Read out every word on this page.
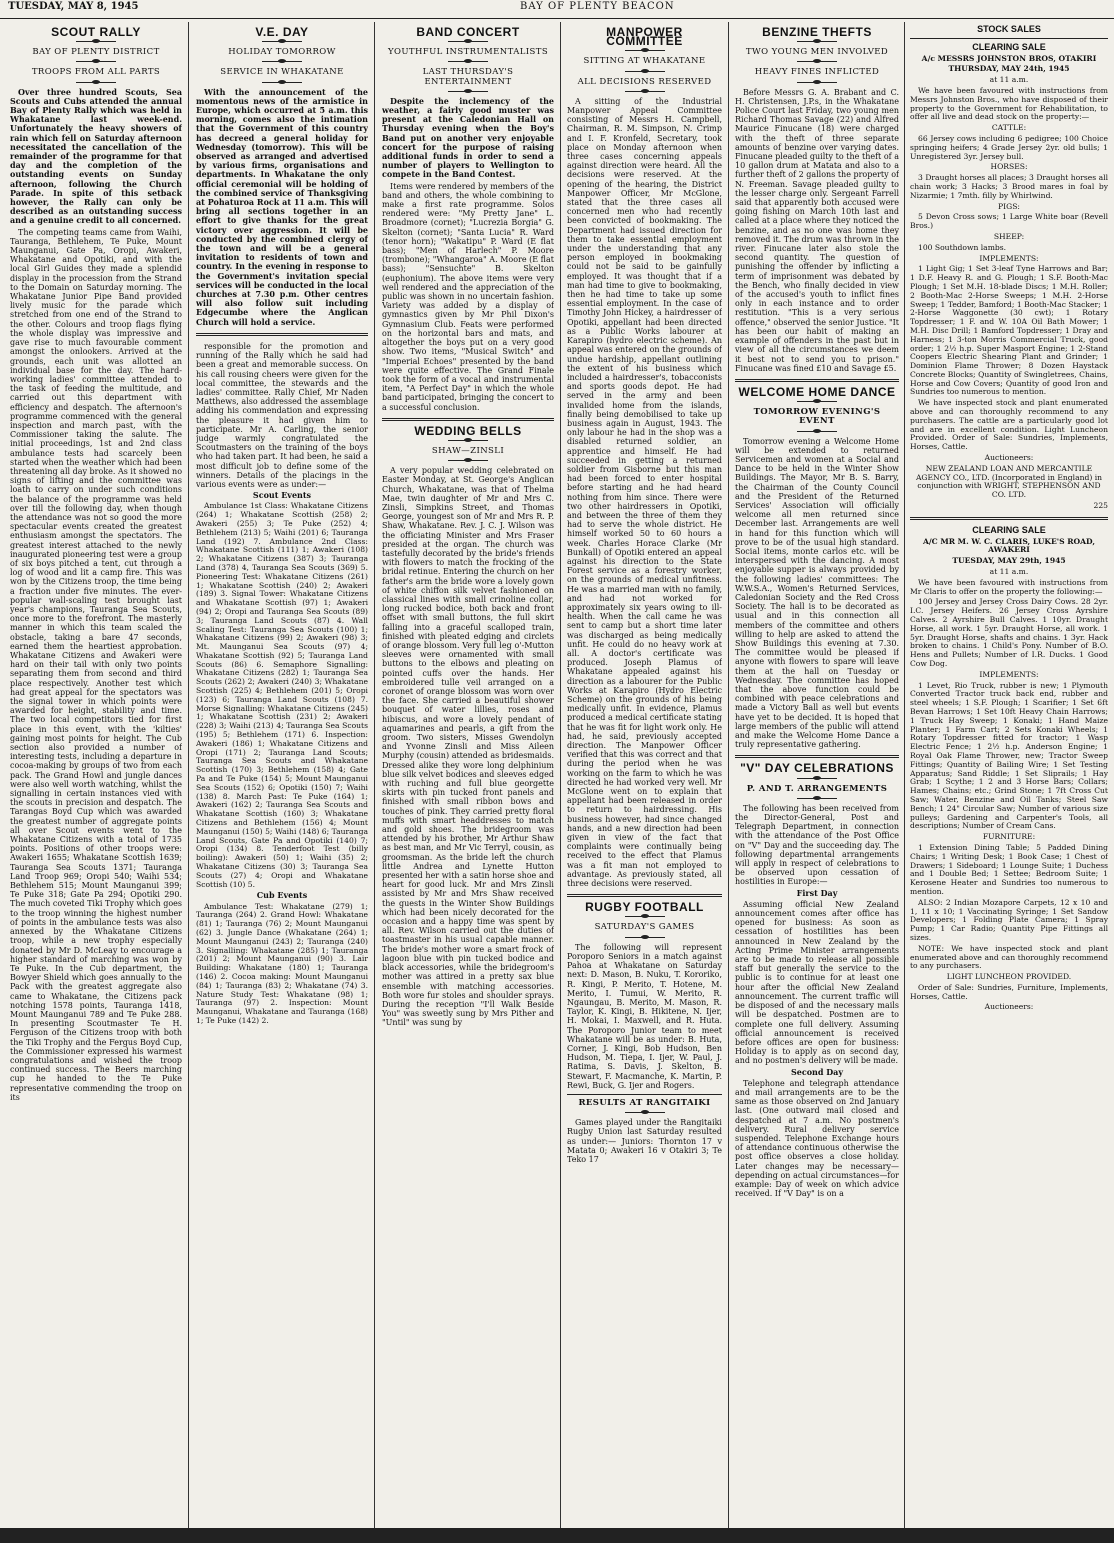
TUESDAY, MAY 8, 1945	BAY OF PLENTY BEACON
SCOUT RALLY
BAY OF PLENTY DISTRICT
TROOPS FROM ALL PARTS

Over three hundred Scouts, Sea Scouts and Cubs attended the annual Bay of Plenty Rally which was held in Whakatane last week-end. Unfortunately the heavy showers of rain which fell on Saturday afternoon necessitated the cancellation of the remainder of the programme for that day and the completion of the outstanding events on Sunday afternoon, following the Church Parade. In spite of this setback however, the Rally can only be described as an outstanding success and a genuine credit to all concerned.

The competing teams came from Waihi, Tauranga, Bethlehem, Te Puke, Mount Maunganui, Gate Pa, Oropi, Awakeri, Whakatane and Opotiki, and with the local Girl Guides they made a splendid display in the procession from the Strand to the Domain on Saturday morning. The Whakatane Junior Pipe Band provided lively music for the parade which stretched from one end of the Strand to the other. Colours and troop flags flying the whole display was impressive and gave rise to much favourable comment amongst the onlookers. Arrived at the grounds, each unit was allotted an individual base for the day. The hard-working ladies' committee attended to the task of feeding the multitude, and carried out this department with efficiency and despatch. The afternoon's programme commenced with the general inspection and march past, with the Commissioner taking the salute. The initial proceedings, 1st and 2nd class ambulance tests had scarcely been started when the weather which had been threatening all day broke. As it showed no signs of lifting and the committee was loath to carry on under such conditions the balance of the programme was held over till the following day, when though the attendance was not so good the more spectacular events created the greatest enthusiasm amongst the spectators. The greatest interest attached to the newly inaugurated pioneering test were a group of six boys pitched a tent, cut through a log of wood and lit a camp fire. This was won by the Citizens troop, the time being a fraction under five minutes. The ever-popular wall-scaling test brought last year's champions, Tauranga Sea Scouts, once more to the forefront. The masterly manner in which this team scaled the obstacle, taking a bare 47 seconds, earned them the heartiest approbation. Whakatane Citizens and Awakeri were hard on their tail with only two points separating them from second and third place respectively. Another test which had great appeal for the spectators was the signal tower in which points were awarded for height, stability and time. The two local competitors tied for first place in this event, with the 'kilties' gaining most points for height. The Cub section also provided a number of interesting tests, including a departure in cocoa-making by groups of two from each pack. The Grand Howl and jungle dances were also well worth watching, whilst the signalling in certain instances vied with the scouts in precision and despatch. The Tarangas Boyd Cup which was awarded the greatest number of aggregate points all over Scout events went to the Whakatane Citizens with a total of 1735 points. Positions of other troops were: Awakeri 1655; Whakatane Scottish 1639; Tauranga Sea Scouts 1371; Tauranga Land Troop 969; Oropi 540; Waihi 534; Bethlehem 515; Mount Maunganui 399; Te Puke 318; Gate Pa 294; Opotiki 290. The much coveted Tiki Trophy which goes to the troop winning the highest number of points in the ambulance tests was also annexed by the Whakatane Citizens troop, while a new trophy especially donated by Mr D. McLeay to encourage a higher standard of marching was won by Te Puke. In the Cub department, the Bowyer Shield which goes annually to the Pack with the greatest aggregate also came to Whakatane, the Citizens pack notching 1578 points, Tauranga 1418, Mount Maunganui 789 and Te Puke 288. In presenting Scoutmaster Te H. Ferguson of the Citizens troop with both the Tiki Trophy and the Fergus Boyd Cup, the Commissioner expressed his warmest congratulations and wished the troop continued success. The Beers marching cup he handed to the Te Puke representative commending the troop on its

V.E. DAY
HOLIDAY TOMORROW
SERVICE IN WHAKATANE

With the announcement of the momentous news of the armistice in Europe, which occurred at 5 a.m. this morning, comes also the intimation that the Government of this country has decreed a general holiday for Wednesday (tomorrow). This will be observed as arranged and advertised by various firms, organisations and departments. In Whakatane the only official ceremonial will be holding of the combined service of Thanksgiving at Pohaturoa Rock at 11 a.m. This will bring all sections together in an effort to give thanks for the great victory over aggression. It will be conducted by the combined clergy of the town and will be a general invitation to residents of town and country. In the evening in response to the Government's invitation special services will be conducted in the local churches at 7.30 p.m. Other centres will also follow suit including Edgecumbe where the Anglican Church will hold a service.

responsible for the promotion and running of the Rally which he said had been a great and memorable success. On his call rousing cheers were given for the local committee, the stewards and the ladies' committee. Rally Chief, Mr Naden Matthews, also addressed the assemblage adding his commendation and expressing the pleasure it had given him to participate. Mr A. Carling, the senior judge warmly congratulated the Scoutmasters on the training of the boys who had taken part. It had been, he said a most difficult job to define some of the winners. Details of the placings in the various events were as under:—

Scout Events

Ambulance 1st Class: Whakatane Citizens (264) 1; Whakatane Scottish (258) 2; Awakeri (255) 3; Te Puke (252) 4; Bethlehem (213) 5; Waihi (201) 6; Tauranga Land (192) 7. Ambulance 2nd Class: Whakatane Scottish (111) 1; Awakeri (108) 2; Whakatane Citizens (387) 3; Tauranga Land (378) 4, Tauranga Sea Scouts (369) 5. Pioneering Test: Whakatane Citizens (261) 1; Whakatane Scottish (240) 2; Awakeri (189) 3. Signal Tower: Whakatane Citizens and Whakatane Scottish (97) 1; Awakeri (94) 2; Oropi and Tauranga Sea Scouts (89) 3; Tauranga Land Scouts (87) 4. Wall Scaling Test: Tauranga Sea Scouts (100) 1; Whakatane Citizens (99) 2; Awakeri (98) 3; Mt. Maunganui Sea Scouts (97) 4; Whakatane Scottish (92) 5; Tauranga Land Scouts (86) 6. Semaphore Signalling: Whakatane Citizens (282) 1; Tauranga Sea Scouts (262) 2; Awakeri (240) 3; Whakatane Scottish (225) 4; Bethlehem (201) 5; Oropi (123) 6; Tauranga Land Scouts (108) 7. Morse Signalling: Whakatane Citizens (245) 1; Whakatane Scottish (231) 2; Awakeri (228) 3; Waihi (213) 4; Tauranga Sea Scouts (195) 5; Bethlehem (171) 6. Inspection: Awakeri (186) 1; Whakatane Citizens and Oropi (171) 2; Tauranga Land Scouts; Tauranga Sea Scouts and Whakatane Scottish (170) 3; Bethlehem (158) 4; Gate Pa and Te Puke (154) 5; Mount Maunganui Sea Scouts (152) 6; Opotiki (150) 7; Waihi (138) 8. March Past: Te Puke (164) 1; Awakeri (162) 2; Tauranga Sea Scouts and Whakatane Scottish (160) 3; Whakatane Citizens and Bethlehem (156) 4; Mount Maunganui (150) 5; Waihi (148) 6; Tauranga Land Scouts, Gate Pa and Opotiki (140) 7; Oropi (134) 8. Tenderfoot Test (billy boiling): Awakeri (50) 1; Waihi (35) 2; Whakatane Citizens (30) 3; Tauranga Sea Scouts (27) 4; Oropi and Whakatane Scottish (10) 5.

Cub Events

Ambulance Test: Whakatane (279) 1; Tauranga (264) 2. Grand Howl: Whakatane (81) 1; Tauranga (76) 2; Mount Maunganui (62) 3. Jungle Dance (Whakatane (264) 1; Mount Maunganui (243) 2; Tauranga (240) 3. Signalling: Whakatane (285) 1; Tauranga (201) 2; Mount Maunganui (90) 3. Lair Building: Whakatane (180) 1; Tauranga (146) 2. Cocoa making: Mount Maunganui (84) 1; Tauranga (83) 2; Whakatane (74) 3. Nature Study Test: Whakatane (98) 1; Tauranga (97) 2. Inspection: Mount Maunganui, Whakatane and Tauranga (168) 1; Te Puke (142) 2.

BAND CONCERT
YOUTHFUL INSTRUMENTALISTS
LAST THURSDAY'S ENTERTAINMENT

Despite the inclemency of the weather, a fairly good muster was present at the Caledonian Hall on Thursday evening when the Boy's Band put on another very enjoyable concert for the purpose of raising additional funds in order to send a number of players to Wellington to compete in the Band Contest.

Items were rendered by members of the band and others, the whole combining to make a first rate programme. Solos rendered were: "My Pretty Jane" L. Broadmore (cornet); "Lucrezia Borgia" G. Skelton (cornet); "Santa Lucia" R. Ward (tenor horn); "Wakatipu" P. Ward (E flat bass); "Men of Harlech" P. Moore (trombone); "Whangaroa" A. Moore (E flat bass); "Sensuchte" B. Skelton (euphonium). The above items were very well rendered and the appreciation of the public was shown in no uncertain fashion. Variety was added by a display of gymnastics given by Mr Phil Dixon's Gymnasium Club. Feats were performed on the horizontal bars and mats, and altogether the boys put on a very good show. Two items, "Musical Switch" and "Imperial Echoes" presented by the band were quite effective. The Grand Finale took the form of a vocal and instrumental item, "A Perfect Day" in which the whole band participated, bringing the concert to a successful conclusion.

WEDDING BELLS
SHAW—ZINSLI

A very popular wedding celebrated on Easter Monday, at St. George's Anglican Church, Whakatane, was that of Thelma Mae, twin daughter of Mr and Mrs C. Zinsli, Simpkins Street, and Thomas George, youngest son of Mr and Mrs R. P. Shaw, Whakatane. Rev. J. C. J. Wilson was the officiating Minister and Mrs Fraser presided at the organ. The church was tastefully decorated by the bride's friends with flowers to match the frocking of the bridal retinue. Entering the church on her father's arm the bride wore a lovely gown of white chiffon silk velvet fashioned on classical lines with small crinoline collar, long rucked bodice, both back and front offset with small buttons, the full skirt falling into a graceful scalloped train, finished with pleated edging and circlets of orange blossom. Very full leg o'-Mutton sleeves were ornamented with small buttons to the elbows and pleating on pointed cuffs over the hands. Her embroidered tulle veil arranged on a coronet of orange blossom was worn over the face. She carried a beautiful shower bouquet of water lillies, roses and hibiscus, and wore a lovely pendant of aquamarines and pearls, a gift from the groom. Two sisters, Misses Gwendolyn and Yvonne Zinsli and Miss Aileen Murphy (cousin) attended as bridesmaids. Dressed alike they wore long delphinium blue silk velvet bodices and sleeves edged with ruching and full blue georgette skirts with pin tucked front panels and finished with small ribbon bows and touches of pink. They carried pretty floral muffs with smart headdresses to match and gold shoes. The bridegroom was attended by his brother, Mr Arthur Shaw as best man, and Mr Vic Terryl, cousin, as groomsman. As the bride left the church little Andrea and Lynette Hutton presented her with a satin horse shoe and heart for good luck. Mr and Mrs Zinsli assisted by Mr and Mrs Shaw received the guests in the Winter Show Buildings which had been nicely decorated for the occasion and a happy time was spent by all. Rev. Wilson carried out the duties of toastmaster in his usual capable manner. The bride's mother wore a smart frock of lagoon blue with pin tucked bodice and black accessories, while the bridegroom's mother was attired in a pretty sax blue ensemble with matching accessories. Both wore fur stoles and shoulder sprays. During the reception "I'll Walk Beside You" was sweetly sung by Mrs Pither and "Until" was sung by

MANPOWER COMMITTEE
SITTING AT WHAKATANE
ALL DECISIONS RESERVED

A sitting of the Industrial Manpower Appeal Committee consisting of Messrs H. Campbell, Chairman, R. M. Simpson, N. Crimp and I. F. Kronfeld, Secretary, took place on Monday afternoon when three cases concerning appeals against direction were heard. All the decisions were reserved. At the opening of the hearing, the District Manpower Officer, Mr McGlone, stated that the three cases all concerned men who had recently been convicted of bookmaking. The Department had issued direction for them to take essential employment under the understanding that any person employed in bookmaking could not be said to be gainfully employed. It was thought that if a man had time to give to bookmaking, then he had time to take up some essential employment. In the case of Timothy John Hickey, a hairdresser of Opotiki, appellant had been directed as a Public Works labourer at Karapiro (hydro electric scheme). An appeal was entered on the grounds of undue hardship, appellant outlining the extent of his business which included a hairdresser's, tobacconists and sports goods depot. He had served in the army and been invalided home from the islands, finally being demobilised to take up business again in August, 1943. The only labour he had in the shop was a disabled returned soldier, an apprentice and himself. He had succeeded in getting a returned soldier from Gisborne but this man had been forced to enter hospital before starting and he had heard nothing from him since. There were two other hairdressers in Opotiki, and between the three of them they had to serve the whole district. He himself worked 50 to 60 hours a week. Charles Horace Clarke (Mr Bunkall) of Opotiki entered an appeal against his direction to the State Forest service as a forestry worker, on the grounds of medical unfitness. He was a married man with no family, and had not worked for approximately six years owing to ill-health. When the call came he was sent to camp but a short time later was discharged as being medically unfit. He could do no heavy work at all. A doctor's certificate was produced. Joseph Plamus of Whakatane appealed against his direction as a labourer for the Public Works at Karapiro (Hydro Electric Scheme) on the grounds of his being medically unfit. In evidence, Plamus produced a medical certificate stating that he was fit for light work only. He had, he said, previously accepted direction. The Manpower Officer verified that this was correct and that during the period when he was working on the farm to which he was directed he had worked very well. Mr McGlone went on to explain that appellant had been released in order to return to hairdressing. His business however, had since changed hands, and a new direction had been given in view of the fact that complaints were continually being received to the effect that Plamus was a fit man not employed to advantage. As previously stated, all three decisions were reserved.

RUGBY FOOTBALL
SATURDAY'S GAMES

The following will represent Poroporo Seniors in a match against Pahoa at Whakatane on Saturday next: D. Mason, B. Nuku, T. Kororiko, R. Kingi, P. Merito, T. Hotene, M. Merito, I. Tumui, W. Merito, R. Ngaungau, B. Merito, M. Mason, R. Taylor, K. Kingi, B. Hikitene, N. Ijer, H. Mokai, I. Maxwell, and R. Huta. The Poroporo Junior team to meet Whakatane will be as under: B. Huta, Corner, J. Kingi, Bob Hudson, Ben Hudson, M. Tiepa, I. Ijer, W. Paul, J. Ratima, S. Davis, J. Skelton, B. Stewart, F. Macmanche, K. Martin, P. Rewi, Buck, G. Ijer and Rogers.

RESULTS AT RANGITAIKI

Games played under the Rangitaiki Rugby Union last Saturday resulted as under:— Juniors: Thornton 17 v Matata 0; Awakeri 16 v Otakiri 3; Te Teko 17

BENZINE THEFTS
TWO YOUNG MEN INVOLVED
HEAVY FINES INFLICTED

Before Messrs G. A. Brabant and C. H. Christensen, J.P.s, in the Whakatane Police Court last Friday, two young men Richard Thomas Savage (22) and Alfred Maurice Finucane (18) were charged with the theft of three separate amounts of benzine over varying dates. Finucane pleaded guilty to the theft of a 10 gallon drum at Matata and also to a further theft of 2 gallons the property of N. Freeman. Savage pleaded guilty to the lesser charge only. Sergeant Farrell said that apparently both accused were going fishing on March 10th last and called at a place where they noticed the benzine, and as no one was home they removed it. The drum was thrown in the river. Finucane later also stole the second quantity. The question of punishing the offender by inflicting a term of imprisonment was debated by the Bench, who finally decided in view of the accused's youth to inflict fines only in each instance and to order restitution. "This is a very serious offence," observed the senior Justice. "It has been our habit of making an example of offenders in the past but in view of all the circumstances we deem it best not to send you to prison." Finucane was fined £10 and Savage £5.

WELCOME HOME DANCE
TOMORROW EVENING'S EVENT

Tomorrow evening a Welcome Home will be extended to returned Servicemen and women at a Social and Dance to be held in the Winter Show Buildings. The Mayor, Mr B. S. Barry, the Chairman of the County Council and the President of the Returned Services' Association will officially welcome all men returned since December last. Arrangements are well in hand for this function which will prove to be of the usual high standard. Social items, monte carlos etc. will be interspersed with the dancing. A most enjoyable supper is always provided by the following ladies' committees: The W.W.S.A., Women's Returned Services, Caledonian Society and the Red Cross Society. The hall is to be decorated as usual and in this connection all members of the committee and others willing to help are asked to attend the Show Buildings this evening at 7.30. The committee would be pleased if anyone with flowers to spare will leave them at the hall on Tuesday or Wednesday. The committee has hoped that the above function could be combined with peace celebrations and made a Victory Ball as well but events have yet to be decided. It is hoped that large members of the public will attend and make the Welcome Home Dance a truly representative gathering.

"V" DAY CELEBRATIONS
P. AND T. ARRANGEMENTS

The following has been received from the Director-General, Post and Telegraph Department, in connection with the attendance of the Post Office on "V" Day and the succeeding day. The following departmental arrangements will apply in respect of celebrations to be observed upon cessation of hostilities in Europe:—

First Day

Assuming official New Zealand announcement comes after office has opened for business: As soon as cessation of hostilities has been announced in New Zealand by the Acting Prime Minister arrangements are to be made to release all possible staff but generally the service to the public is to continue for at least one hour after the official New Zealand announcement. The current traffic will be disposed of and the necessary mails will be despatched. Postmen are to complete one full delivery. Assuming official announcement is received before offices are open for business: Holiday is to apply as on second day, and no postmen's delivery will be made.

Second Day

Telephone and telegraph attendance and mail arrangements are to be the same as those observed on 2nd January last. (One outward mail closed and despatched at 7 a.m. No postmen's delivery. Rural delivery service suspended. Telephone Exchange hours of attendance continuous otherwise the post office observes a close holiday. Later changes may be necessary—depending on actual circumstances—for example: Day of week on which advice received. If "V Day" is on a

STOCK SALES
CLEARING SALE

A/c MESSRS JOHNSTON BROS, OTAKIRI

THURSDAY, MAY 24th, 1945

at 11 a.m.

We have been favoured with instructions from Messrs Johnston Bros., who have disposed of their property to the Government for Rehabilitation, to offer all live and dead stock on the property:—

CATTLE:

66 Jersey cows including 6 pedigree; 100 Choice springing heifers; 4 Grade Jersey 2yr. old bulls; 1 Unregistered 3yr. Jersey bull.

HORSES:

3 Draught horses all places; 3 Draught horses all chain work; 3 Hacks; 3 Brood mares in foal by Nizarmie; 1 7mth. filly by Whirlwind.

PIGS:

5 Devon Cross sows; 1 Large White boar (Revell Bros.)

SHEEP:

100 Southdown lambs.

IMPLEMENTS:

1 Light Gig; 1 Set 3-leaf Tyne Harrows and Bar; 1 D.F. Heavy R. and G. Plough; 1 S.F. Booth-Mac Plough; 1 Set M.H. 18-blade Discs; 1 M.H. Roller; 2 Booth-Mac 2-Horse Sweeps; 1 M.H. 2-Horse Sweep; 1 Tedder, Bamford; 1 Booth-Mac Stacker; 1 2-Horse Waggonette (30 cwt); 1 Rotary Topdresser; 1 F. and W. 10A Oil Bath Mower; 1 M.H. Disc Drill; 1 Bamford Topdresser; 1 Dray and Harness; 1 3-ton Morris Commercial Truck, good order; 1 2½ h.p. Super Masport Engine; 1 2-Stand Coopers Electric Shearing Plant and Grinder; 1 Dominion Flame Thrower; 8 Dozen Haystack Concrete Blocks; Quantity of Swingletrees, Chains, Horse and Cow Covers; Quantity of good Iron and Sundries too numerous to mention.

We have inspected stock and plant enumerated above and can thoroughly recommend to any purchasers. The cattle are a particularly good lot and are in excellent condition. Light Luncheon Provided. Order of Sale: Sundries, Implements, Horses, Cattle.

Auctioneers:

NEW ZEALAND LOAN AND MERCANTILE AGENCY CO., LTD. (Incorporated in England) in conjunction with WRIGHT, STEPHENSON AND CO. LTD.

225

CLEARING SALE

A/C MR M. W. C. CLARIS, LUKE'S ROAD, AWAKERI

TUESDAY, MAY 29th, 1945

at 11 a.m.

We have been favoured with instructions from Mr Claris to offer on the property the following:—

100 Jersey and Jersey Cross Dairy Cows. 28 2yr. I.C. Jersey Heifers. 26 Jersey Cross Ayrshire Calves. 2 Ayrshire Bull Calves. 1 10yr. Draught Horse, all work. 1 5yr. Draught Horse, all work. 1 5yr. Draught Horse, shafts and chains. 1 3yr. Hack broken to chains. 1 Child's Pony. Number of B.O. Hens and Pullets; Number of I.R. Ducks. 1 Good Cow Dog.

IMPLEMENTS:

1 Levet, Rio Truck, rubber is new; 1 Plymouth Converted Tractor truck back end, rubber and steel wheels; 1 S.F. Plough; 1 Scarifier; 1 Set 6ft Bevan Harrows; 1 Set 10ft Heavy Chain Harrows; 1 Truck Hay Sweep; 1 Konaki; 1 Hand Maize Planter; 1 Farm Cart; 2 Sets Konaki Wheels; 1 Rotary Topdresser fitted for tractor; 1 Wasp Electric Fence; 1 2½ h.p. Anderson Engine; 1 Royal Oak Flame Thrower, new; Tractor Sweep Fittings; Quantity of Bailing Wire; 1 Set Testing Apparatus; Sand Riddle; 1 Set Sliprails; 1 Hay Grab; 1 Scythe; 1 2 and 3 Horse Bars; Collars; Hames; Chains; etc.; Grind Stone; 1 7ft Cross Cut Saw; Water, Benzine and Oil Tanks; Steel Saw Bench; 1 24" Circular Saw; Number of various size pulleys; Gardening and Carpenter's Tools, all descriptions; Number of Cream Cans.

FURNITURE:

1 Extension Dining Table; 5 Padded Dining Chairs; 1 Writing Desk; 1 Book Case; 1 Chest of Drawers; 1 Sideboard; 1 Lounge Suite; 1 Duchess and 1 Double Bed; 1 Settee; Bedroom Suite; 1 Kerosene Heater and Sundries too numerous to mention.

ALSO: 2 Indian Mozapore Carpets, 12 x 10 and 1, 11 x 10; 1 Vaccinating Syringe; 1 Set Sandow Developers; 1 Folding Plate Camera; 1 Spray Pump; 1 Car Radio; Quantity Pipe Fittings all sizes.

NOTE: We have inspected stock and plant enumerated above and can thoroughly recommend to any purchasers.

LIGHT LUNCHEON PROVIDED.

Order of Sale: Sundries, Furniture, Implements, Horses, Cattle.

Auctioneers:
